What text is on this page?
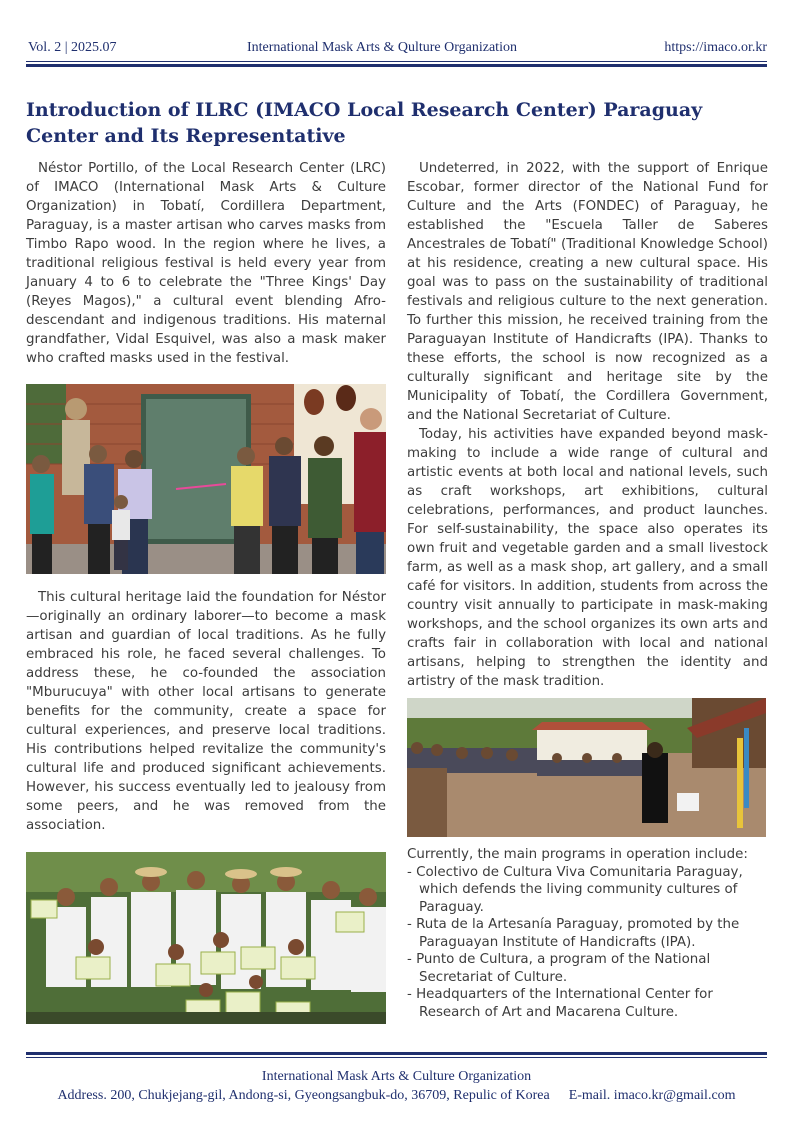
Vol. 2 | 2025.07	International Mask Arts & Qulture Organization	https://imaco.or.kr
Introduction of ILRC (IMACO Local Research Center) Paraguay Center and Its Representative

Néstor Portillo, of the Local Research Center (LRC) of IMACO (International Mask Arts & Culture Organization) in Tobatí, Cordillera Department, Paraguay, is a master artisan who carves masks from Timbo Rapo wood. In the region where he lives, a traditional religious festival is held every year from January 4 to 6 to celebrate the "Three Kings' Day (Reyes Magos)," a cultural event blending Afro-descendant and indigenous traditions. His maternal grandfather, Vidal Esquivel, was also a mask maker who crafted masks used in the festival.

This cultural heritage laid the foundation for Néstor—originally an ordinary laborer—to become a mask artisan and guardian of local traditions. As he fully embraced his role, he faced several challenges. To address these, he co-founded the association "Mburucuya" with other local artisans to generate benefits for the community, create a space for cultural experiences, and preserve local traditions. His contributions helped revitalize the community's cultural life and produced significant achievements. However, his success eventually led to jealousy from some peers, and he was removed from the association.

Undeterred, in 2022, with the support of Enrique Escobar, former director of the National Fund for Culture and the Arts (FONDEC) of Paraguay, he established the "Escuela Taller de Saberes Ancestrales de Tobatí" (Traditional Knowledge School) at his residence, creating a new cultural space. His goal was to pass on the sustainability of traditional festivals and religious culture to the next generation. To further this mission, he received training from the Paraguayan Institute of Handicrafts (IPA). Thanks to these efforts, the school is now recognized as a culturally significant and heritage site by the Municipality of Tobatí, the Cordillera Government, and the National Secretariat of Culture.

Today, his activities have expanded beyond mask-making to include a wide range of cultural and artistic events at both local and national levels, such as craft workshops, art exhibitions, cultural celebrations, performances, and product launches. For self-sustainability, the space also operates its own fruit and vegetable garden and a small livestock farm, as well as a mask shop, art gallery, and a small café for visitors. In addition, students from across the country visit annually to participate in mask-making workshops, and the school organizes its own arts and crafts fair in collaboration with local and national artisans, helping to strengthen the identity and artistry of the mask tradition.

Currently, the main programs in operation include:

- Colectivo de Cultura Viva Comunitaria Paraguay, which defends the living community cultures of Paraguay.
- Ruta de la Artesanía Paraguay, promoted by the Paraguayan Institute of Handicrafts (IPA).
- Punto de Cultura, a program of the National Secretariat of Culture.
- Headquarters of the International Center for Research of Art and Macarena Culture.
International Mask Arts & Culture Organization
Address. 200, Chukjejang-gil, Andong-si, Gyeongsangbuk-do, 36709, Repulic of Korea E-mail. imaco.kr@gmail.com
